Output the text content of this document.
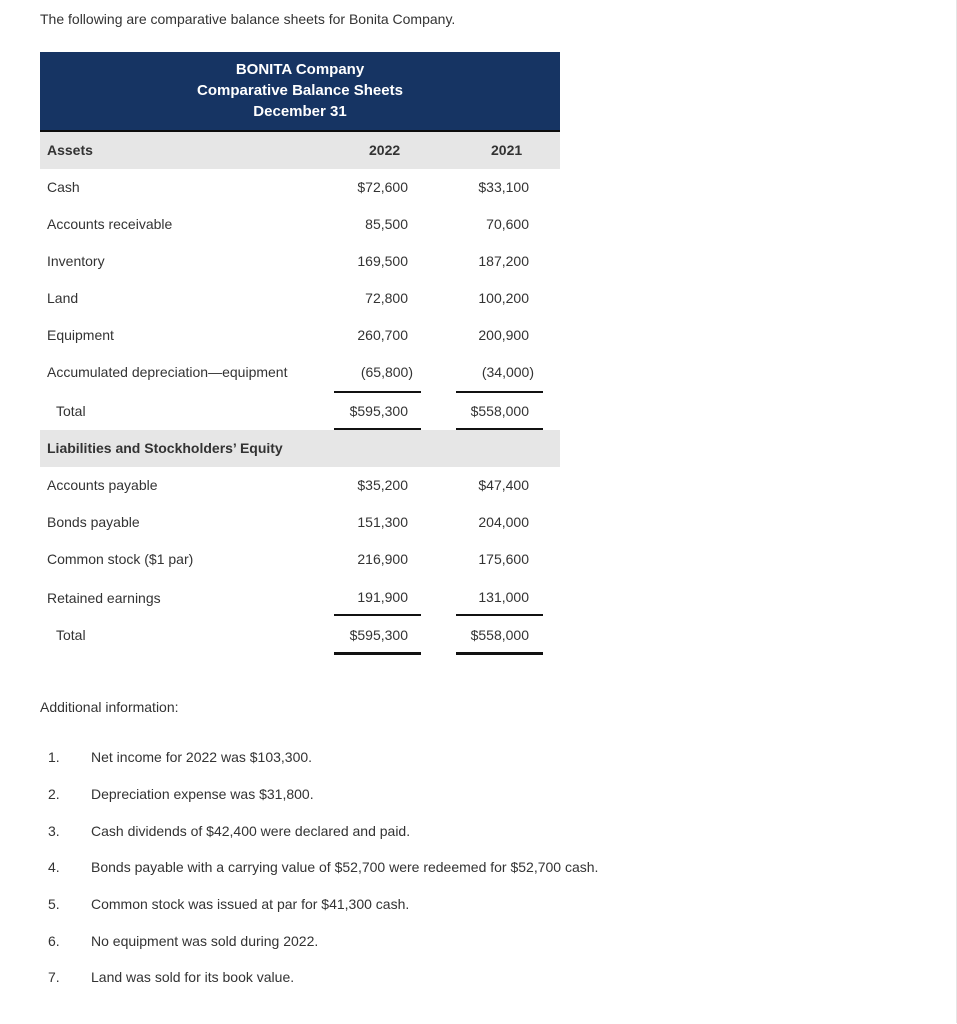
The following are comparative balance sheets for Bonita Company.
BONITA Company
Comparative Balance Sheets
December 31
Assets	2022	2021
Cash	$72,600	$33,100
Accounts receivable	85,500	70,600
Inventory	169,500	187,200
Land	72,800	100,200
Equipment	260,700	200,900
Accumulated depreciation—equipment	(65,800)	(34,000)
Total	$595,300	$558,000
Liabilities and Stockholders’ Equity
Accounts payable	$35,200	$47,400
Bonds payable	151,300	204,000
Common stock ($1 par)	216,900	175,600
Retained earnings	191,900	131,000
Total	$595,300	$558,000
Additional information:
1. Net income for 2022 was $103,300.
2. Depreciation expense was $31,800.
3. Cash dividends of $42,400 were declared and paid.
4. Bonds payable with a carrying value of $52,700 were redeemed for $52,700 cash.
5. Common stock was issued at par for $41,300 cash.
6. No equipment was sold during 2022.
7. Land was sold for its book value.
